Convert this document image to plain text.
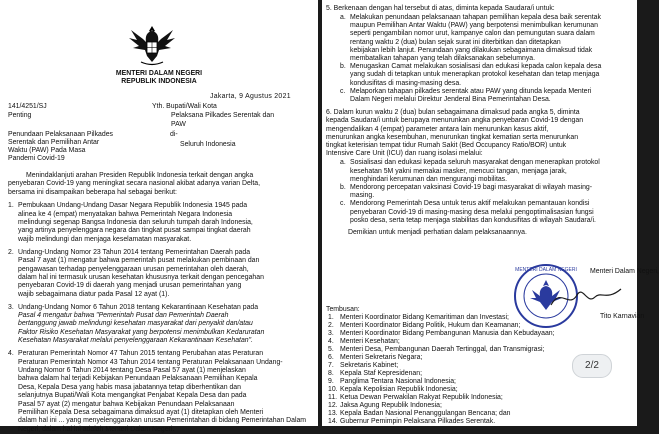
MENTERI DALAM NEGERI
REPUBLIK INDONESIA
Jakarta, 9 Agustus 2021
141/4251/SJ
Penting
Yth. Bupati/Wali Kota
Pelaksana Pilkades Serentak dan
PAW
Penundaan Pelaksanaan Pilkades
Serentak dan Pemilihan Antar
Waktu (PAW) Pada Masa
Pandemi Covid-19
di-
Seluruh Indonesia
Menindaklanjuti arahan Presiden Republik Indonesia terkait dengan angka
penyebaran Covid-19 yang meningkat secara nasional akibat adanya varian Delta,
bersama ini disampaikan beberapa hal sebagai berikut:
1. Pembukaan Undang-Undang Dasar Negara Republik Indonesia 1945 pada
alinea ke 4 (empat) menyatakan bahwa Pemerintah Negara Indonesia
melindungi segenap Bangsa Indonesia dan seluruh tumpah darah Indonesia,
yang artinya penyelenggara negara dan tingkat pusat sampai tingkat daerah
wajib melindungi dan menjaga keselamatan masyarakat.
2. Undang-Undang Nomor 23 Tahun 2014 tentang Pemerintahan Daerah pada
Pasal 7 ayat (1) mengatur bahwa pemerintah pusat melakukan pembinaan dan
pengawasan terhadap penyelenggaraan urusan pemerintahan oleh daerah,
dalam hal ini termasuk urusan kesehatan khususnya terkait dengan pencegahan
penyebaran Covid-19 di daerah yang menjadi urusan pemerintahan yang
wajib sebagaimana diatur pada Pasal 12 ayat (1).
3. Undang-Undang Nomor 6 Tahun 2018 tentang Kekarantinaan Kesehatan pada
Pasal 4 mengatur bahwa "Pemerintah Pusat dan Pemerintah Daerah
bertanggung jawab melindungi kesehatan masyarakat dari penyakit dan/atau
Faktor Risiko Kesehatan Masyarakat yang berpotensi menimbulkan Kedaruratan
Kesehatan Masyarakat melalui penyelenggaraan Kekarantinaan Kesehatan".
4. Peraturan Pemerintah Nomor 47 Tahun 2015 tentang Perubahan atas Peraturan
Peraturan Pemerintah Nomor 43 Tahun 2014 tentang Peraturan Pelaksanaan Undang-
Undang Nomor 6 Tahun 2014 tentang Desa Pasal 57 ayat (1) menjelaskan
bahwa dalam hal terjadi Kebijakan Penundaan Pelaksanaan Pemilihan Kepala
Desa, Kepala Desa yang habis masa jabatannya tetap diberhentikan dan
selanjutnya Bupati/Wali Kota mengangkat Penjabat Kepala Desa dan pada
Pasal 57 ayat (2) mengatur bahwa Kebijakan Penundaan Pelaksanaan
Pemilihan Kepala Desa sebagaimana dimaksud ayat (1) ditetapkan oleh Menteri
dalam hal ini ... yang menyelenggarakan urusan Pemerintahan di bidang Pemerintahan Dalam
Negeri, dalam hal ini adalah Menteri Dalam Negeri.
5. Berkenaan dengan hal tersebut di atas, diminta kepada Saudara/i untuk:
a. Melakukan penundaan pelaksanaan tahapan pemilihan kepala desa baik serentak
maupun Pemilihan Antar Waktu (PAW) yang berpotensi menimbulkan kerumunan
seperti pengambilan nomor urut, kampanye calon dan pemungutan suara dalam
rentang waktu 2 (dua) bulan sejak surat ini diterbitkan dan ditetapkan
kebijakan lebih lanjut. Penundaan yang dilakukan sebagaimana dimaksud tidak
membatalkan tahapan yang telah dilaksanakan sebelumnya.
b. Menugaskan Camat melakukan sosialisasi dan edukasi kepada calon kepala desa
yang sudah di tetapkan untuk menerapkan protokol kesehatan dan tetap menjaga
kondusifitas di masing-masing desa.
c. Melaporkan tahapan pilkades serentak atau PAW yang ditunda kepada Menteri
Dalam Negeri melalui Direktur Jenderal Bina Pemerintahan Desa.
6. Dalam kurun waktu 2 (dua) bulan sebagaimana dimaksud pada angka 5, diminta
kepada Saudara/i untuk berupaya menurunkan angka penyebaran Covid-19 dengan
mengendalikan 4 (empat) parameter antara lain menurunkan kasus aktif,
menurunkan angka kesembuhan, menurunkan tingkat kematian serta menurunkan
tingkat keterisian tempat tidur Rumah Sakit (Bed Occupancy Ratio/BOR) untuk
Intensive Care Unit (ICU) dan ruang isolasi melalui:
a. Sosialisasi dan edukasi kepada seluruh masyarakat dengan menerapkan protokol
kesehatan 5M yakni memakai masker, mencuci tangan, menjaga jarak,
menghindari kerumunan dan mengurangi mobilitas.
b. Mendorong percepatan vaksinasi Covid-19 bagi masyarakat di wilayah masing-
masing.
c. Mendorong Pemerintah Desa untuk terus aktif melakukan pemantauan kondisi
penyebaran Covid-19 di masing-masing desa melalui pengoptimalisasian fungsi
posko desa, serta tetap menjaga stabilitas dan kondusifitas di wilayah Saudara/i.
Demikian untuk menjadi perhatian dalam pelaksanaannya.
Tembusan:
1. Menteri Koordinator Bidang Kemaritiman dan Investasi;
2. Menteri Koordinator Bidang Politik, Hukum dan Keamanan;
3. Menteri Koordinator Bidang Pembangunan Manusia dan Kebudayaan;
4. Menteri Kesehatan;
5. Menteri Desa, Pembangunan Daerah Tertinggal, dan Transmigrasi;
6. Menteri Sekretaris Negara;
7. Sekretaris Kabinet;
8. Kepala Staf Kepresidenan;
9. Panglima Tentara Nasional Indonesia;
10. Kepala Kepolisian Republik Indonesia;
11. Ketua Dewan Perwakilan Rakyat Republik Indonesia;
12. Jaksa Agung Republik Indonesia;
13. Kepala Badan Nasional Penanggulangan Bencana; dan
14. Gubernur Pemimpin Pelaksana Pilkades Serentak.
MENTERI DALAM NEGERI Menteri Dalam Negeri,
Tito Karnavian
2/2
